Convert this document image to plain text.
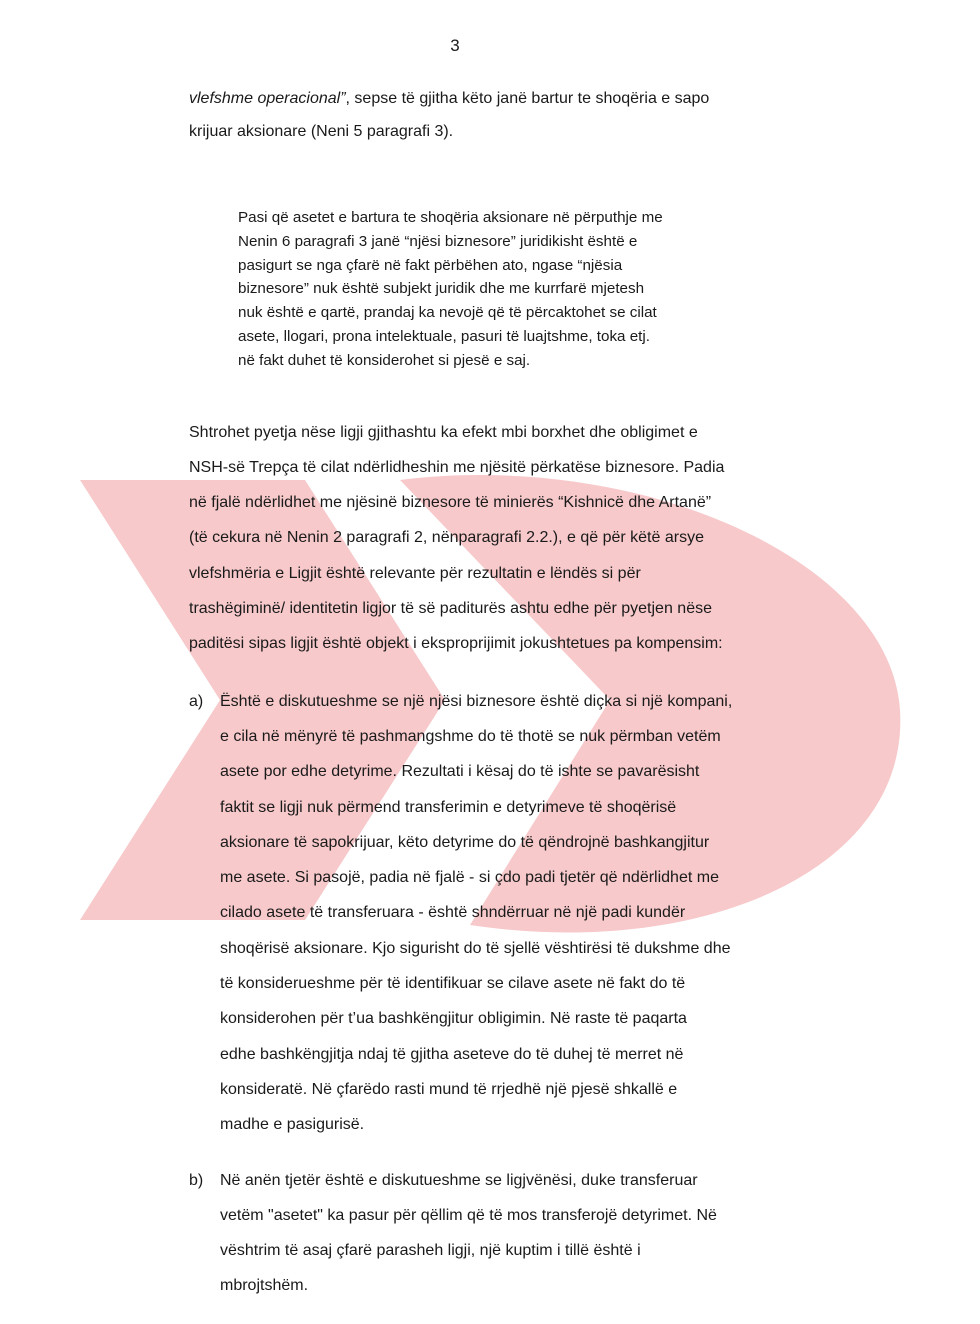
3

vlefshme operacional”, sepse të gjitha këto janë bartur te shoqëria e sapo

krijuar aksionare (Neni 5 paragrafi 3).

Pasi që asetet e bartura te shoqëria aksionare në përputhje me

Nenin 6 paragrafi 3 janë “njësi biznesore” juridikisht është e

pasigurt se nga çfarë në fakt përbëhen ato, ngase “njësia

biznesore” nuk është subjekt juridik dhe me kurrfarë mjetesh

nuk është e qartë, prandaj ka nevojë që të përcaktohet se cilat

asete, llogari, prona intelektuale, pasuri të luajtshme, toka etj.

në fakt duhet të konsiderohet si pjesë e saj.

Shtrohet pyetja nëse ligji gjithashtu ka efekt mbi borxhet dhe obligimet e

NSH-së Trepça të cilat ndërlidheshin me njësitë përkatëse biznesore. Padia

në fjalë ndërlidhet me njësinë biznesore të minierës “Kishnicë dhe Artanë”

(të cekura në Nenin 2 paragrafi 2, nënparagrafi 2.2.), e që për këtë arsye

vlefshmëria e Ligjit është relevante për rezultatin e lëndës si për

trashëgiminë/ identitetin ligjor të së paditurës ashtu edhe për pyetjen nëse

paditësi sipas ligjit është objekt i eksproprijimit jokushtetues pa kompensim:

a) Është e diskutueshme se një njësi biznesore është diçka si një kompani,

e cila në mënyrë të pashmangshme do të thotë se nuk përmban vetëm

asete por edhe detyrime. Rezultati i kësaj do të ishte se pavarësisht

faktit se ligji nuk përmend transferimin e detyrimeve të shoqërisë

aksionare të sapokrijuar, këto detyrime do të qëndrojnë bashkangjitur

me asete. Si pasojë, padia në fjalë - si çdo padi tjetër që ndërlidhet me

cilado asete të transferuara - është shndërruar në një padi kundër

shoqërisë aksionare. Kjo sigurisht do të sjellë vështirësi të dukshme dhe

të konsiderueshme për të identifikuar se cilave asete në fakt do të

konsiderohen për t’ua bashkëngjitur obligimin. Në raste të paqarta

edhe bashkëngjitja ndaj të gjitha aseteve do të duhej të merret në

konsideratë. Në çfarëdo rasti mund të rrjedhë një pjesë shkallë e

madhe e pasigurisë.

b) Në anën tjetër është e diskutueshme se ligjvënësi, duke transferuar

vetëm "asetet" ka pasur për qëllim që të mos transferojë detyrimet. Në

vështrim të asaj çfarë parasheh ligji, një kuptim i tillë është i

mbrojtshëm.
